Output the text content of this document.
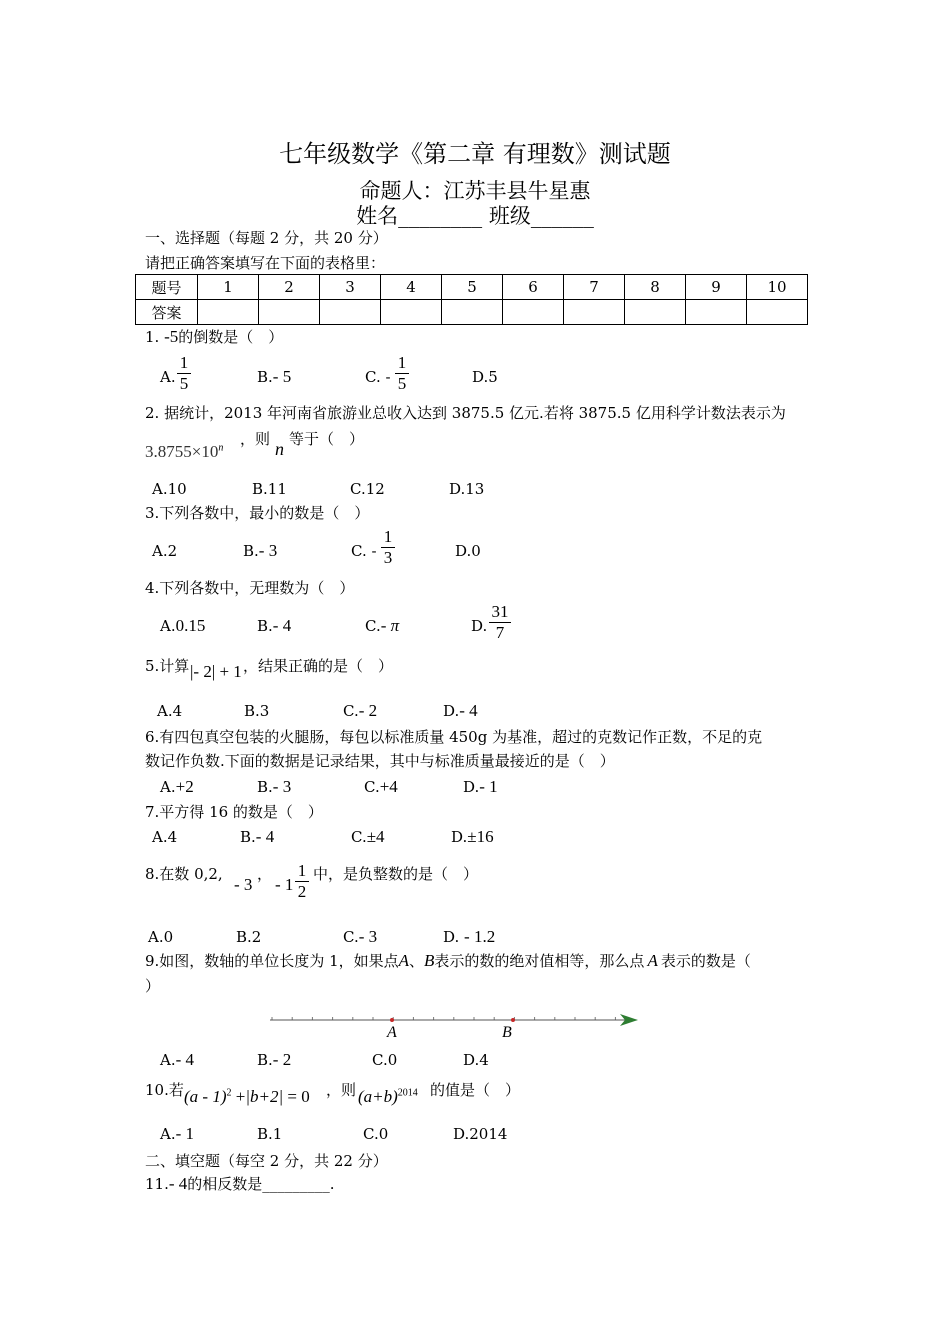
七年级数学《第二章 有理数》测试题
命题人：江苏丰县牛星惠
姓名________ 班级______
一、选择题（每题 2 分，共 20 分）
请把正确答案填写在下面的表格里：
题号	1	2	3	4	5	6	7	8	9	10
答案										
1. -5的倒数是（　）
A.
1
5	B.- 5	C. -
1
5	D.5
2. 据统计，2013 年河南省旅游业总收入达到 3875.5 亿元.若将 3875.5 亿用科学计数法表示为
$3.8755\times 10^n$
，则 n 等于（　）
A.10	B.11	C.12	D.13
3.下列各数中，最小的数是（　）
A.2	B.- 3	C. -
1
3	D.0
4.下列各数中，无理数为（　）
A.0.15	B.- 4	C.- π	D.
31
7
5.计算 |- 2| + 1 ，结果正确的是（　）
A.4	B.3	C.- 2	D.- 4
6.有四包真空包装的火腿肠，每包以标准质量 450g 为基准，超过的克数记作正数，不足的克
数记作负数.下面的数据是记录结果，其中与标准质量最接近的是（　）
A.+2	B.- 3	C.+4	D.- 1
7.平方得 16 的数是（　）
A.4	B.- 4	C.±4	D.±16
8.在数 0,2,
- 3
，
- 1
1
2
中，是负整数的是（　）
A.0	B.2	C.- 3	D. - 1.2
9.如图，数轴的单位长度为 1，如果点A、B表示的数的绝对值相等，那么点 A 表示的数是（
）
A	B
A.- 4	B.- 2	C.0	D.4
10.若 (a - 1)$^2$ +|b+2| = 0 ，则 $(a+b)^{2014}$ 的值是（　）
A.- 1	B.1	C.0	D.2014
二、填空题（每空 2 分，共 22 分）
11.- 4的相反数是_________.
